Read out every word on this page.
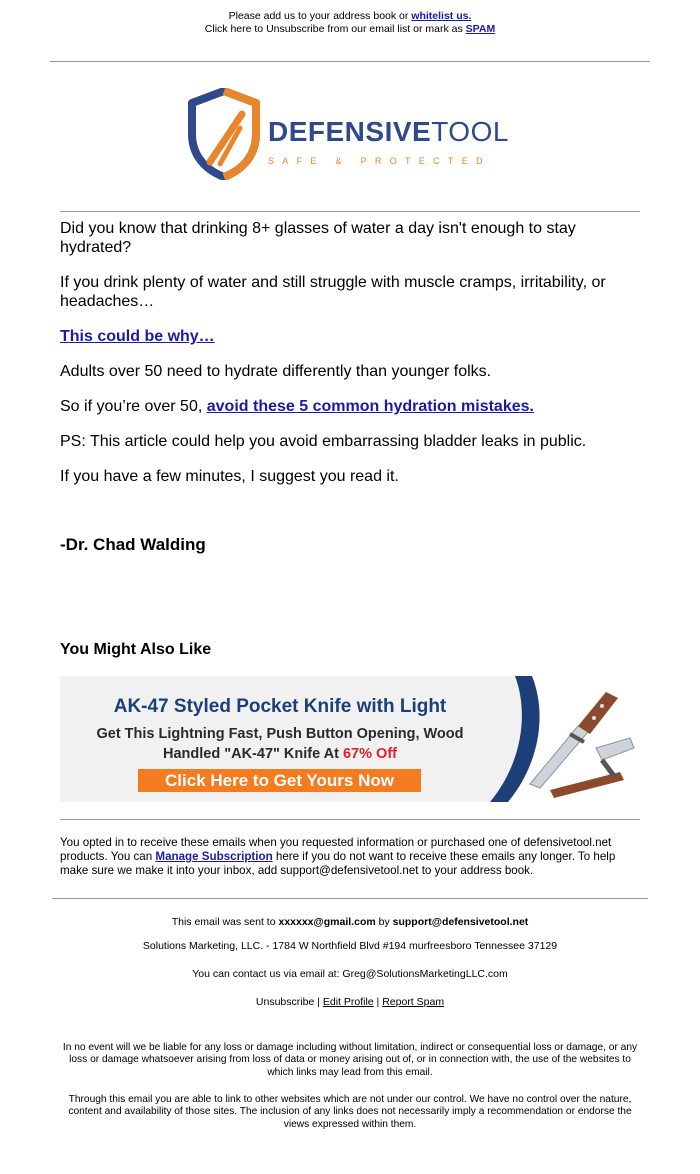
Please add us to your address book or whitelist us.
Click here to Unsubscribe from our email list or mark as SPAM
DEFENSIVETOOL
SAFE & PROTECTED

Did you know that drinking 8+ glasses of water a day isn't enough to stay hydrated?

If you drink plenty of water and still struggle with muscle cramps, irritability, or headaches…

This could be why…

Adults over 50 need to hydrate differently than younger folks.

So if you’re over 50, avoid these 5 common hydration mistakes.

PS: This article could help you avoid embarrassing bladder leaks in public.

If you have a few minutes, I suggest you read it.

-Dr. Chad Walding
You Might Also Like
AK-47 Styled Pocket Knife with Light
Get This Lightning Fast, Push Button Opening, Wood
Handled "AK-47" Knife At 67% Off
Click Here to Get Yours Now
You opted in to receive these emails when you requested information or purchased one of defensivetool.net products. You can Manage Subscription here if you do not want to receive these emails any longer. To help make sure we make it into your inbox, add support@defensivetool.net to your address book.
This email was sent to xxxxxx@gmail.com by support@defensivetool.net
Solutions Marketing, LLC. - 1784 W Northfield Blvd #194 murfreesboro Tennessee 37129
You can contact us via email at: Greg@SolutionsMarketingLLC.com
Unsubscribe | Edit Profile | Report Spam
In no event will we be liable for any loss or damage including without limitation, indirect or consequential loss or damage, or any loss or damage whatsoever arising from loss of data or money arising out of, or in connection with, the use of the websites to which links may lead from this email.
Through this email you are able to link to other websites which are not under our control. We have no control over the nature, content and availability of those sites. The inclusion of any links does not necessarily imply a recommendation or endorse the views expressed within them.
